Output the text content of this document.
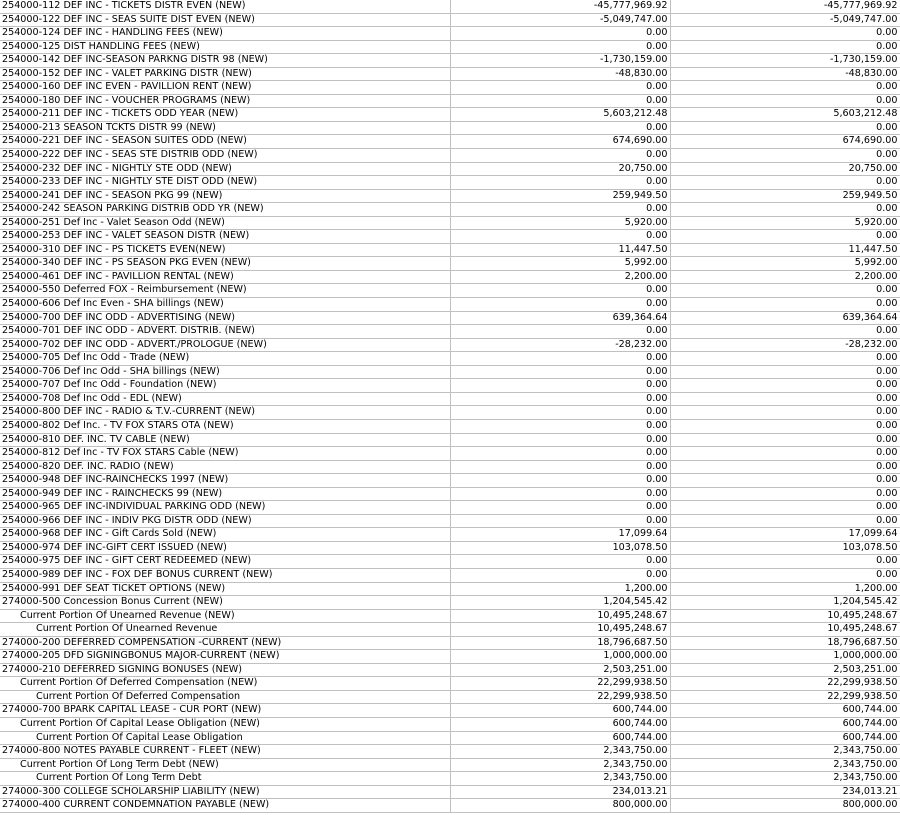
254000-112 DEF INC - TICKETS DISTR EVEN (NEW)	-45,777,969.92	-45,777,969.92
254000-122 DEF INC - SEAS SUITE DIST EVEN (NEW)	-5,049,747.00	-5,049,747.00
254000-124 DEF INC - HANDLING FEES (NEW)	0.00	0.00
254000-125 DIST HANDLING FEES (NEW)	0.00	0.00
254000-142 DEF INC-SEASON PARKNG DISTR 98 (NEW)	-1,730,159.00	-1,730,159.00
254000-152 DEF INC - VALET PARKING DISTR (NEW)	-48,830.00	-48,830.00
254000-160 DEF INC EVEN - PAVILLION RENT (NEW)	0.00	0.00
254000-180 DEF INC - VOUCHER PROGRAMS (NEW)	0.00	0.00
254000-211 DEF INC - TICKETS ODD YEAR (NEW)	5,603,212.48	5,603,212.48
254000-213 SEASON TCKTS DISTR 99 (NEW)	0.00	0.00
254000-221 DEF INC - SEASON SUITES ODD (NEW)	674,690.00	674,690.00
254000-222 DEF INC - SEAS STE DISTRIB ODD (NEW)	0.00	0.00
254000-232 DEF INC - NIGHTLY STE ODD (NEW)	20,750.00	20,750.00
254000-233 DEF INC - NIGHTLY STE DIST ODD (NEW)	0.00	0.00
254000-241 DEF INC - SEASON PKG 99 (NEW)	259,949.50	259,949.50
254000-242 SEASON PARKING DISTRIB ODD YR (NEW)	0.00	0.00
254000-251 Def Inc - Valet Season Odd (NEW)	5,920.00	5,920.00
254000-253 DEF INC - VALET SEASON DISTR (NEW)	0.00	0.00
254000-310 DEF INC - PS TICKETS EVEN(NEW)	11,447.50	11,447.50
254000-340 DEF INC - PS SEASON PKG EVEN (NEW)	5,992.00	5,992.00
254000-461 DEF INC - PAVILLION RENTAL (NEW)	2,200.00	2,200.00
254000-550 Deferred FOX - Reimbursement (NEW)	0.00	0.00
254000-606 Def Inc Even - SHA billings (NEW)	0.00	0.00
254000-700 DEF INC ODD - ADVERTISING (NEW)	639,364.64	639,364.64
254000-701 DEF INC ODD - ADVERT. DISTRIB. (NEW)	0.00	0.00
254000-702 DEF INC ODD - ADVERT./PROLOGUE (NEW)	-28,232.00	-28,232.00
254000-705 Def Inc Odd - Trade (NEW)	0.00	0.00
254000-706 Def Inc Odd - SHA billings (NEW)	0.00	0.00
254000-707 Def Inc Odd - Foundation (NEW)	0.00	0.00
254000-708 Def Inc Odd - EDL (NEW)	0.00	0.00
254000-800 DEF INC - RADIO & T.V.-CURRENT (NEW)	0.00	0.00
254000-802 Def Inc. - TV FOX STARS OTA (NEW)	0.00	0.00
254000-810 DEF. INC. TV CABLE (NEW)	0.00	0.00
254000-812 Def Inc - TV FOX STARS Cable (NEW)	0.00	0.00
254000-820 DEF. INC. RADIO (NEW)	0.00	0.00
254000-948 DEF INC-RAINCHECKS 1997 (NEW)	0.00	0.00
254000-949 DEF INC - RAINCHECKS 99 (NEW)	0.00	0.00
254000-965 DEF INC-INDIVIDUAL PARKING ODD (NEW)	0.00	0.00
254000-966 DEF INC - INDIV PKG DISTR ODD (NEW)	0.00	0.00
254000-968 DEF INC - Gift Cards Sold (NEW)	17,099.64	17,099.64
254000-974 DEF INC-GIFT CERT ISSUED (NEW)	103,078.50	103,078.50
254000-975 DEF INC - GIFT CERT REDEEMED (NEW)	0.00	0.00
254000-989 DEF INC - FOX DEF BONUS CURRENT (NEW)	0.00	0.00
254000-991 DEF SEAT TICKET OPTIONS (NEW)	1,200.00	1,200.00
274000-500 Concession Bonus Current (NEW)	1,204,545.42	1,204,545.42
Current Portion Of Unearned Revenue (NEW)	10,495,248.67	10,495,248.67
Current Portion Of Unearned Revenue	10,495,248.67	10,495,248.67
274000-200 DEFERRED COMPENSATION -CURRENT (NEW)	18,796,687.50	18,796,687.50
274000-205 DFD SIGNINGBONUS MAJOR-CURRENT (NEW)	1,000,000.00	1,000,000.00
274000-210 DEFERRED SIGNING BONUSES (NEW)	2,503,251.00	2,503,251.00
Current Portion Of Deferred Compensation (NEW)	22,299,938.50	22,299,938.50
Current Portion Of Deferred Compensation	22,299,938.50	22,299,938.50
274000-700 BPARK CAPITAL LEASE - CUR PORT (NEW)	600,744.00	600,744.00
Current Portion Of Capital Lease Obligation (NEW)	600,744.00	600,744.00
Current Portion Of Capital Lease Obligation	600,744.00	600,744.00
274000-800 NOTES PAYABLE CURRENT - FLEET (NEW)	2,343,750.00	2,343,750.00
Current Portion Of Long Term Debt (NEW)	2,343,750.00	2,343,750.00
Current Portion Of Long Term Debt	2,343,750.00	2,343,750.00
274000-300 COLLEGE SCHOLARSHIP LIABILITY (NEW)	234,013.21	234,013.21
274000-400 CURRENT CONDEMNATION PAYABLE (NEW)	800,000.00	800,000.00
